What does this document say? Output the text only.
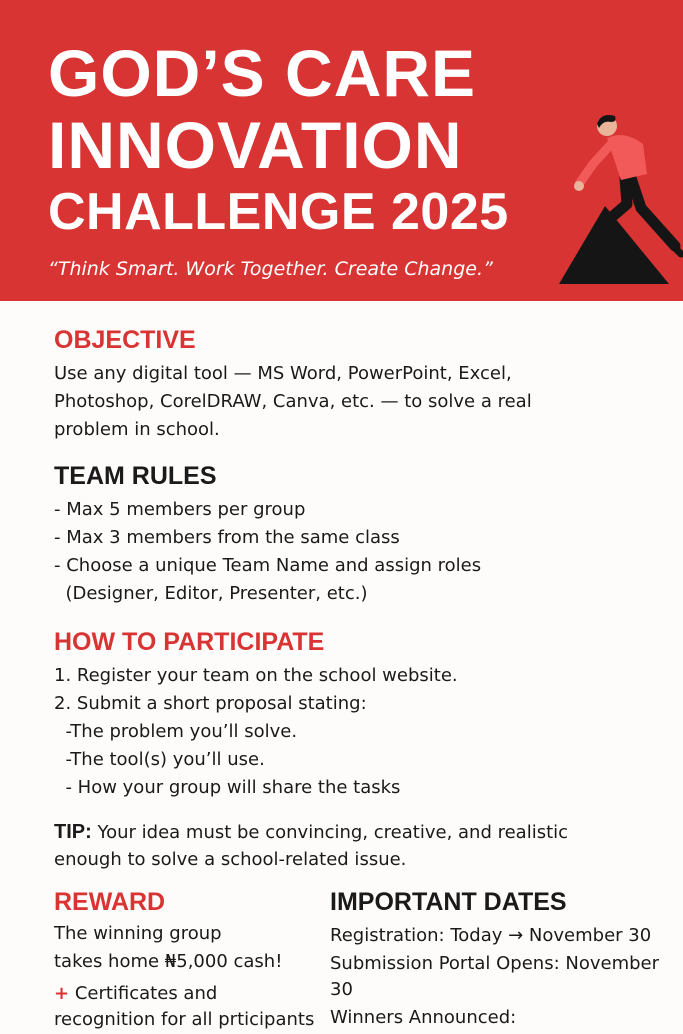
GOD’S CARE
INNOVATION
CHALLENGE 2025
“Think Smart. Work Together. Create Change.”
OBJECTIVE
Use any digital tool — MS Word, PowerPoint, Excel,
Photoshop, CorelDRAW, Canva, etc. — to solve a real
problem in school.
TEAM RULES
- Max 5 members per group
- Max 3 members from the same class
- Choose a unique Team Name and assign roles
(Designer, Editor, Presenter, etc.)
HOW TO PARTICIPATE
1. Register your team on the school website.
2. Submit a short proposal stating:
-The problem you’ll solve.
-The tool(s) you’ll use.
- How your group will share the tasks
TIP: Your idea must be convincing, creative, and realistic
enough to solve a school-related issue.
REWARD
The winning group
takes home ₦5,000 cash!
+ Certificates and
recognition for all prticipants
IMPORTANT DATES
Registration: Today → November 30
Submission Portal Opens: November
30
Winners Announced:
